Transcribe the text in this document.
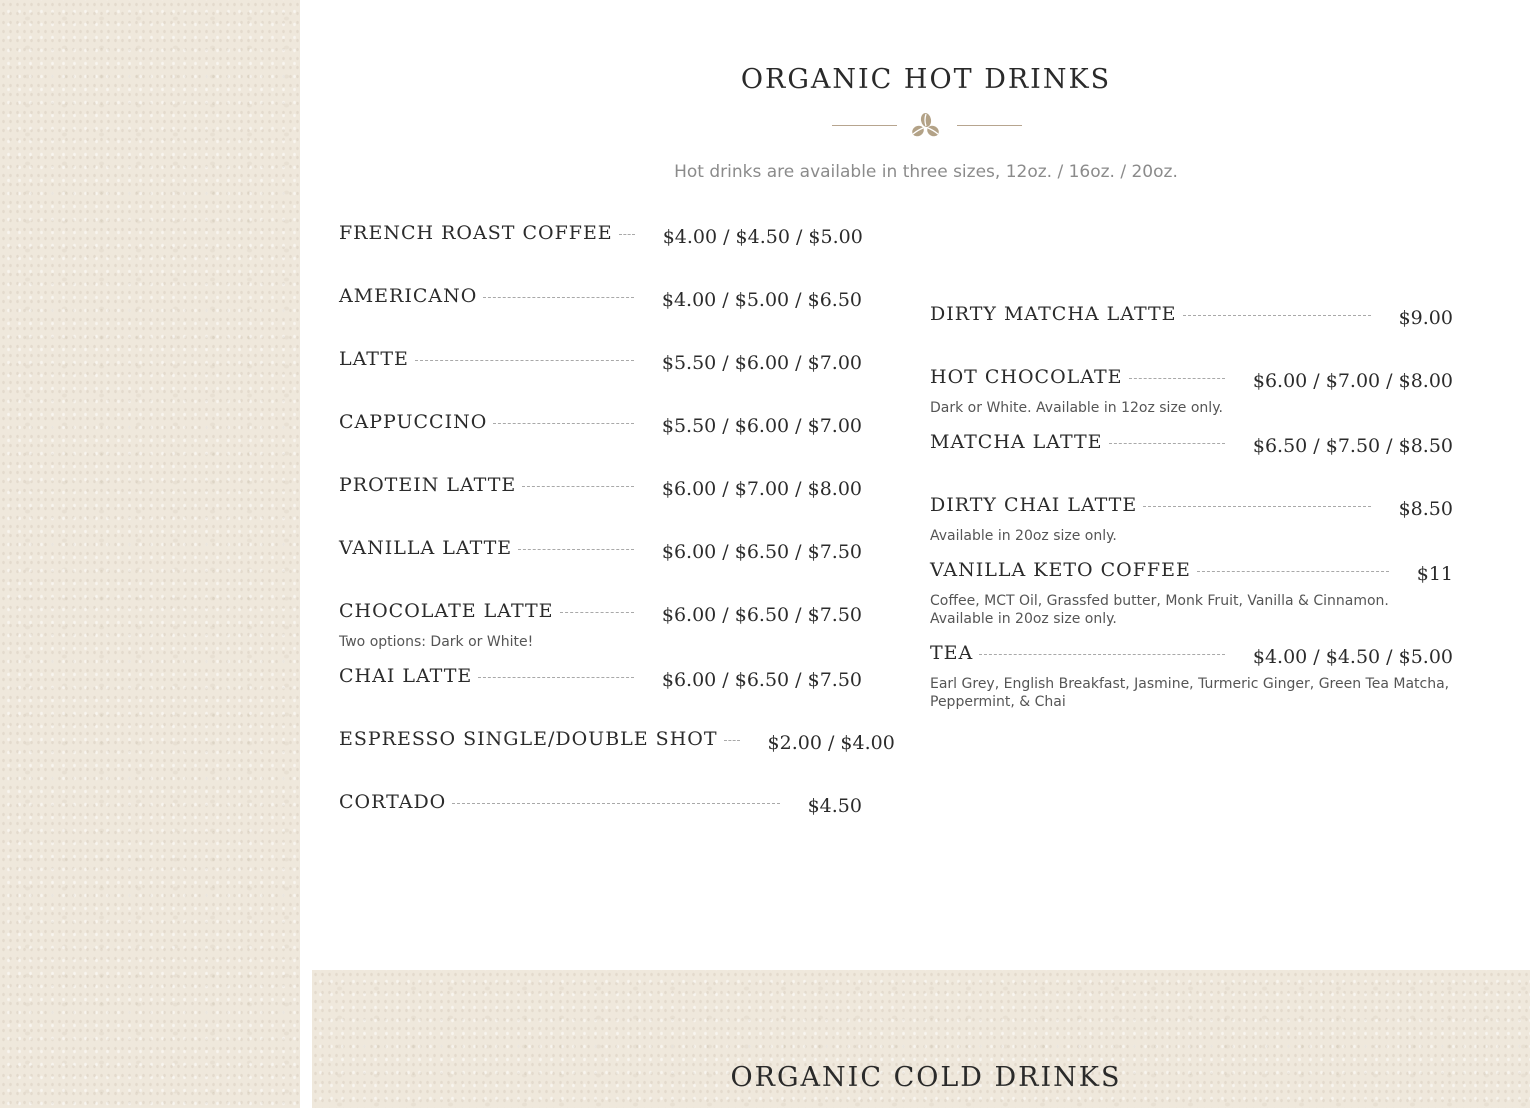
ORGANIC HOT DRINKS

Hot drinks are available in three sizes, 12oz. / 16oz. / 20oz.

FRENCH ROAST COFFEE	$4.00 / $4.50 / $5.00
AMERICANO	$4.00 / $5.00 / $6.50
LATTE	$5.50 / $6.00 / $7.00
CAPPUCCINO	$5.50 / $6.00 / $7.00
PROTEIN LATTE	$6.00 / $7.00 / $8.00
VANILLA LATTE	$6.00 / $6.50 / $7.50
CHOCOLATE LATTE	$6.00 / $6.50 / $7.50
Two options: Dark or White!
CHAI LATTE	$6.00 / $6.50 / $7.50
ESPRESSO SINGLE/DOUBLE SHOT	$2.00 / $4.00
CORTADO	$4.50
DIRTY MATCHA LATTE	$9.00
HOT CHOCOLATE	$6.00 / $7.00 / $8.00
Dark or White. Available in 12oz size only.
MATCHA LATTE	$6.50 / $7.50 / $8.50
DIRTY CHAI LATTE	$8.50
Available in 20oz size only.
VANILLA KETO COFFEE	$11
Coffee, MCT Oil, Grassfed butter, Monk Fruit, Vanilla & Cinnamon. Available in 20oz size only.
TEA	$4.00 / $4.50 / $5.00
Earl Grey, English Breakfast, Jasmine, Turmeric Ginger, Green Tea Matcha, Peppermint, & Chai
ORGANIC COLD DRINKS
